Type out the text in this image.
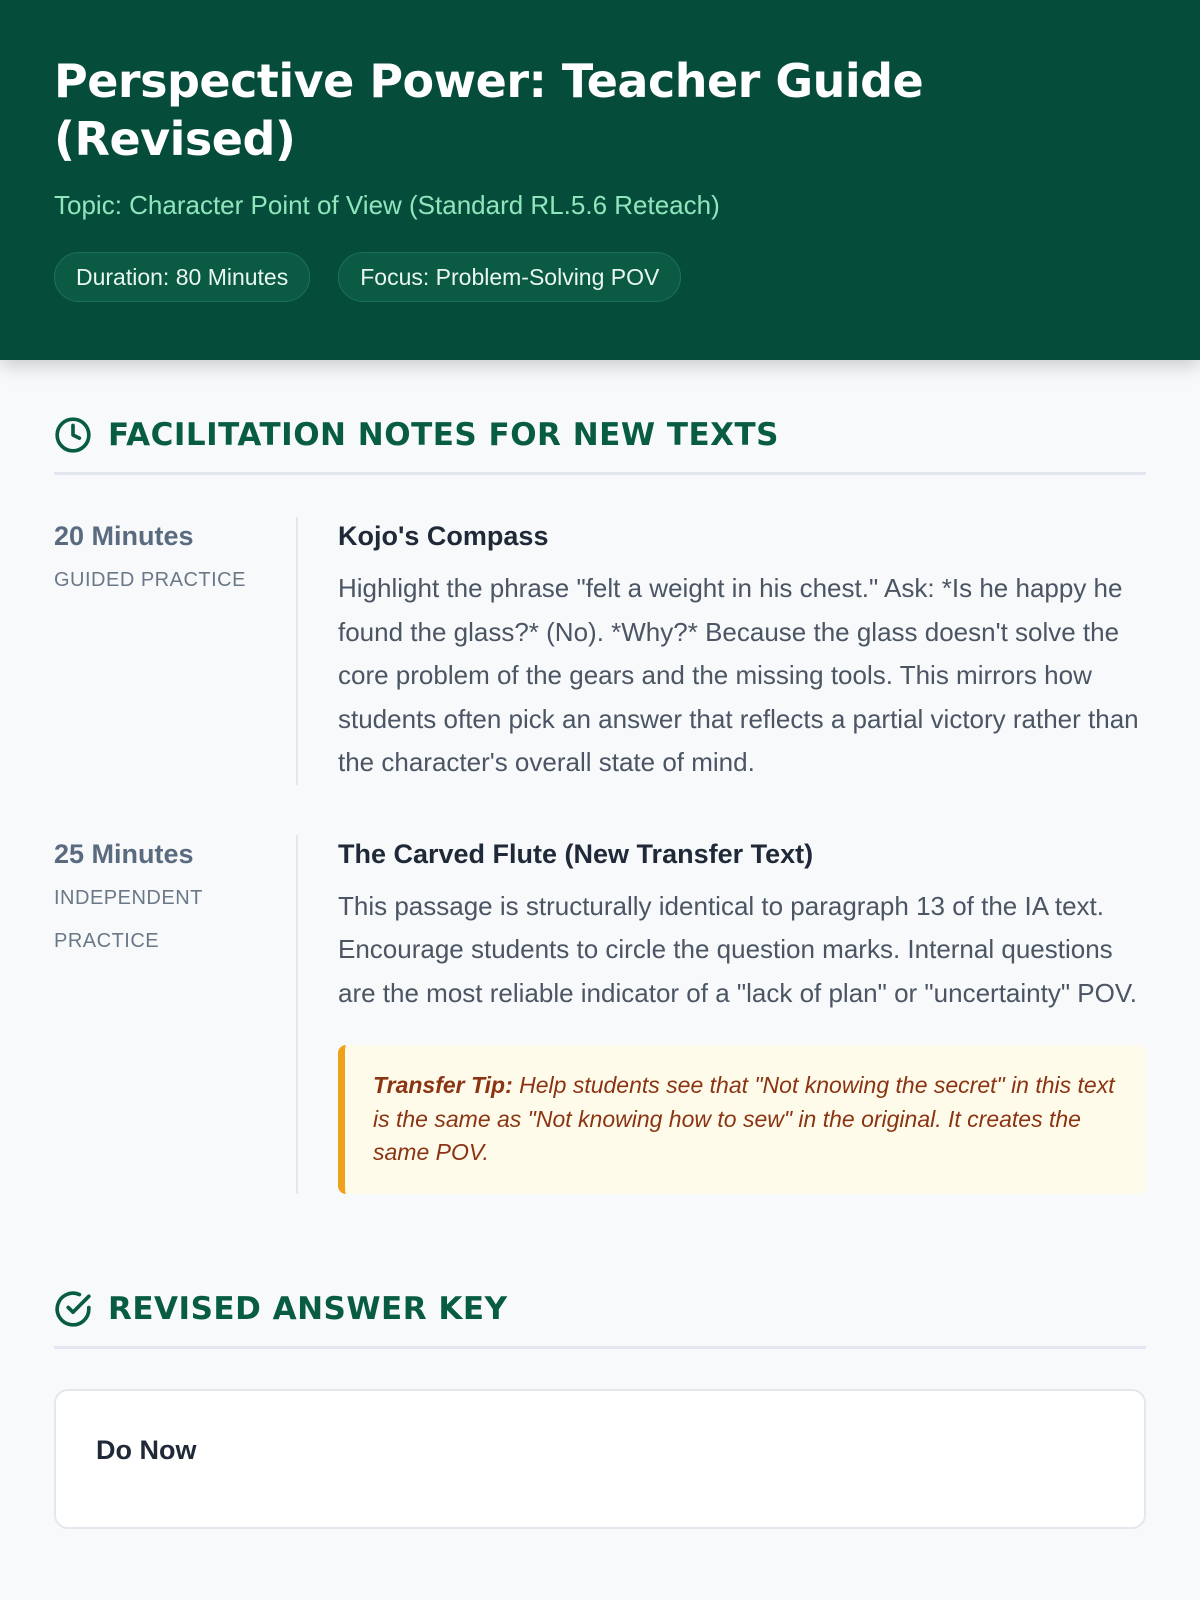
Perspective Power: Teacher Guide (Revised)
Topic: Character Point of View (Standard RL.5.6 Reteach)
Duration: 80 Minutes	Focus: Problem-Solving POV
FACILITATION NOTES FOR NEW TEXTS
20 Minutes
GUIDED PRACTICE
Kojo's Compass

Highlight the phrase "felt a weight in his chest." Ask: *Is he happy he found the glass?* (No). *Why?* Because the glass doesn't solve the core problem of the gears and the missing tools. This mirrors how students often pick an answer that reflects a partial victory rather than the character's overall state of mind.

25 Minutes
INDEPENDENT PRACTICE
The Carved Flute (New Transfer Text)

This passage is structurally identical to paragraph 13 of the IA text. Encourage students to circle the question marks. Internal questions are the most reliable indicator of a "lack of plan" or "uncertainty" POV.

Transfer Tip: Help students see that "Not knowing the secret" in this text is the same as "Not knowing how to sew" in the original. It creates the same POV.
REVISED ANSWER KEY
Do Now
